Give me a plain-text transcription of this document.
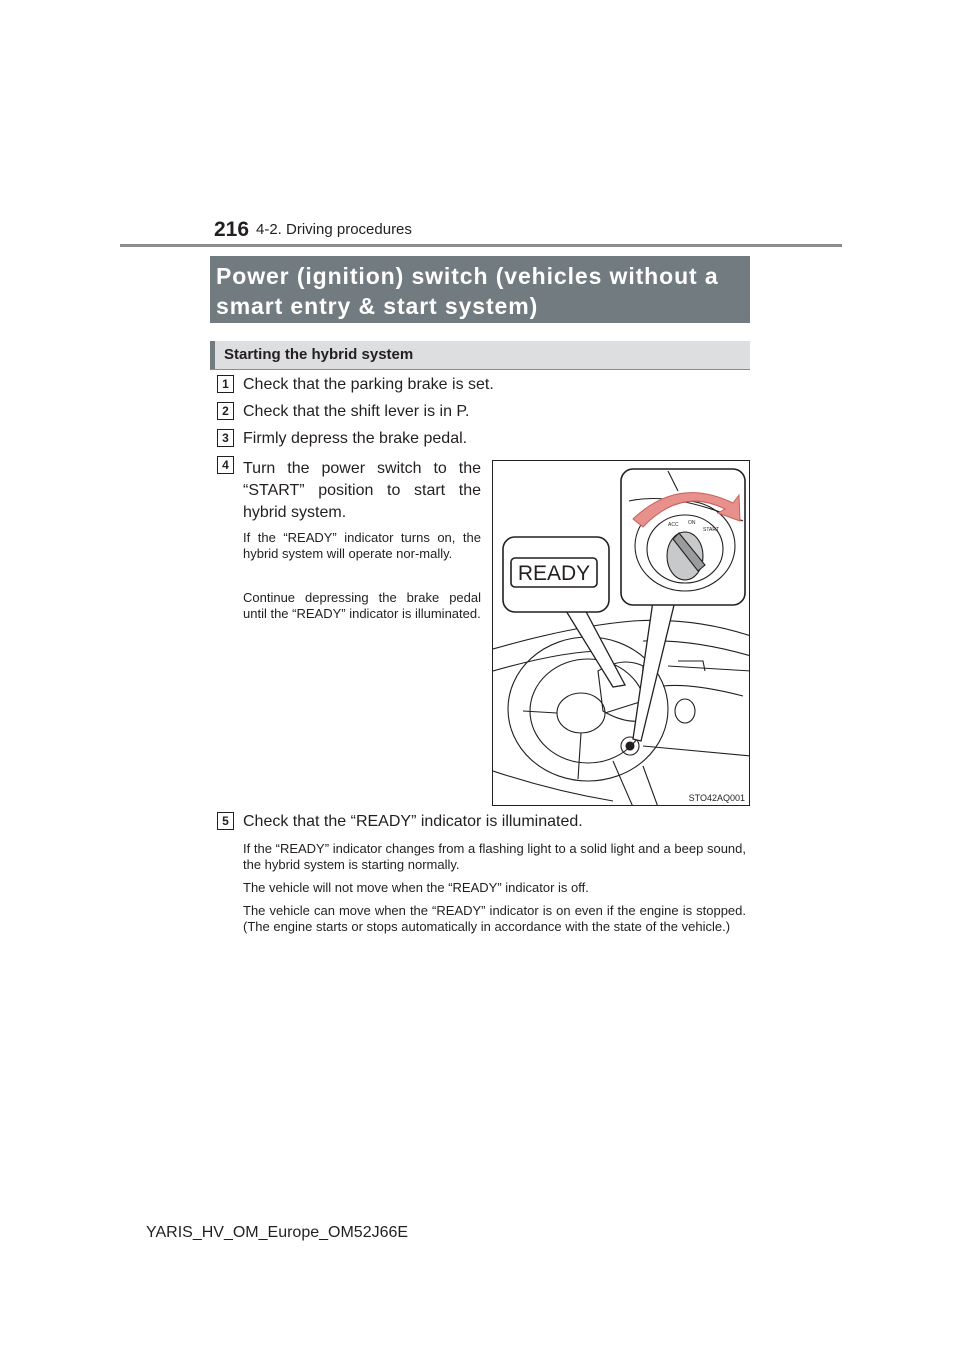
216 4-2. Driving procedures
Power (ignition) switch (vehicles without a
smart entry & start system)
Starting the hybrid system
1 Check that the parking brake is set.
2 Check that the shift lever is in P.
3 Firmly depress the brake pedal.
4 Turn the power switch to the “START” position to start the hybrid system.
If the “READY” indicator turns on, the hybrid system will operate nor-mally.
Continue depressing the brake pedal until the “READY” indicator is illuminated.
READY
ACC ON
START
STO42AQ001
5 Check that the “READY” indicator is illuminated.
If the “READY” indicator changes from a flashing light to a solid light and a beep sound, the hybrid system is starting normally.
The vehicle will not move when the “READY” indicator is off.
The vehicle can move when the “READY” indicator is on even if the engine is stopped. (The engine starts or stops automatically in accordance with the state of the vehicle.)
YARIS_HV_OM_Europe_OM52J66E
